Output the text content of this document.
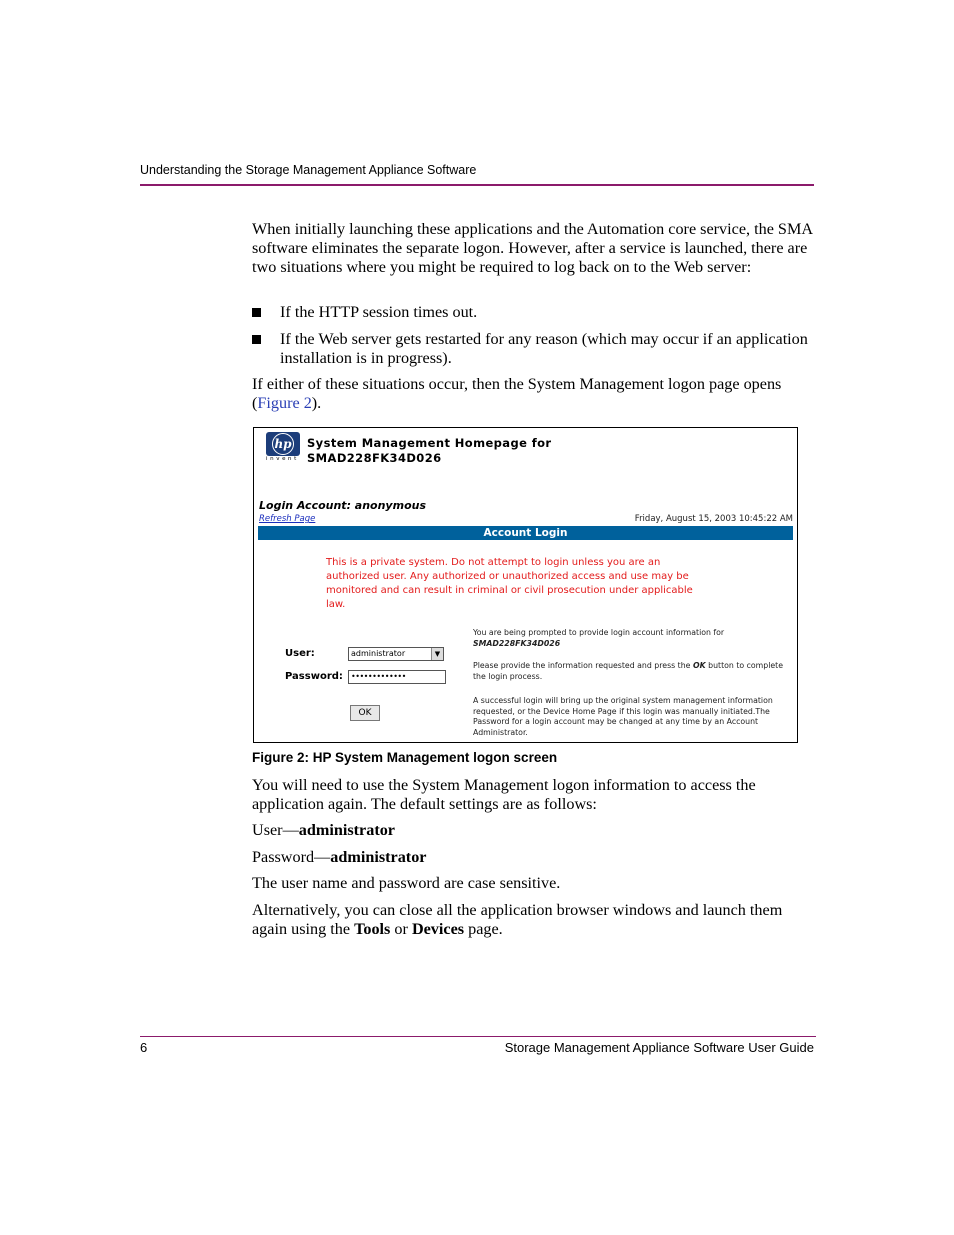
Understanding the Storage Management Appliance Software

When initially launching these applications and the Automation core service, the SMA software eliminates the separate logon. However, after a service is launched, there are two situations where you might be required to log back on to the Web server:

If the HTTP session times out.
If the Web server gets restarted for any reason (which may occur if an application installation is in progress).

If either of these situations occur, then the System Management logon page opens (Figure 2).

hp
invent
System Management Homepage for
SMAD228FK34D026
Login Account: anonymous
Refresh Page	Friday, August 15, 2003 10:45:22 AM
Account Login
This is a private system. Do not attempt to login unless you are an authorized user. Any authorized or unauthorized access and use may be monitored and can result in criminal or civil prosecution under applicable law.
User:	administrator	▼
Password:	•••••••••••••
OK
You are being prompted to provide login account information for
SMAD228FK34D026
Please provide the information requested and press the OK button to complete the login process.
A successful login will bring up the original system management information requested, or the Device Home Page if this login was manually initiated.The Password for a login account may be changed at any time by an Account Administrator.
Figure 2: HP System Management logon screen
You will need to use the System Management logon information to access the application again. The default settings are as follows:
User—administrator
Password—administrator
The user name and password are case sensitive.
Alternatively, you can close all the application browser windows and launch them again using the Tools or Devices page.
6	Storage Management Appliance Software User Guide
